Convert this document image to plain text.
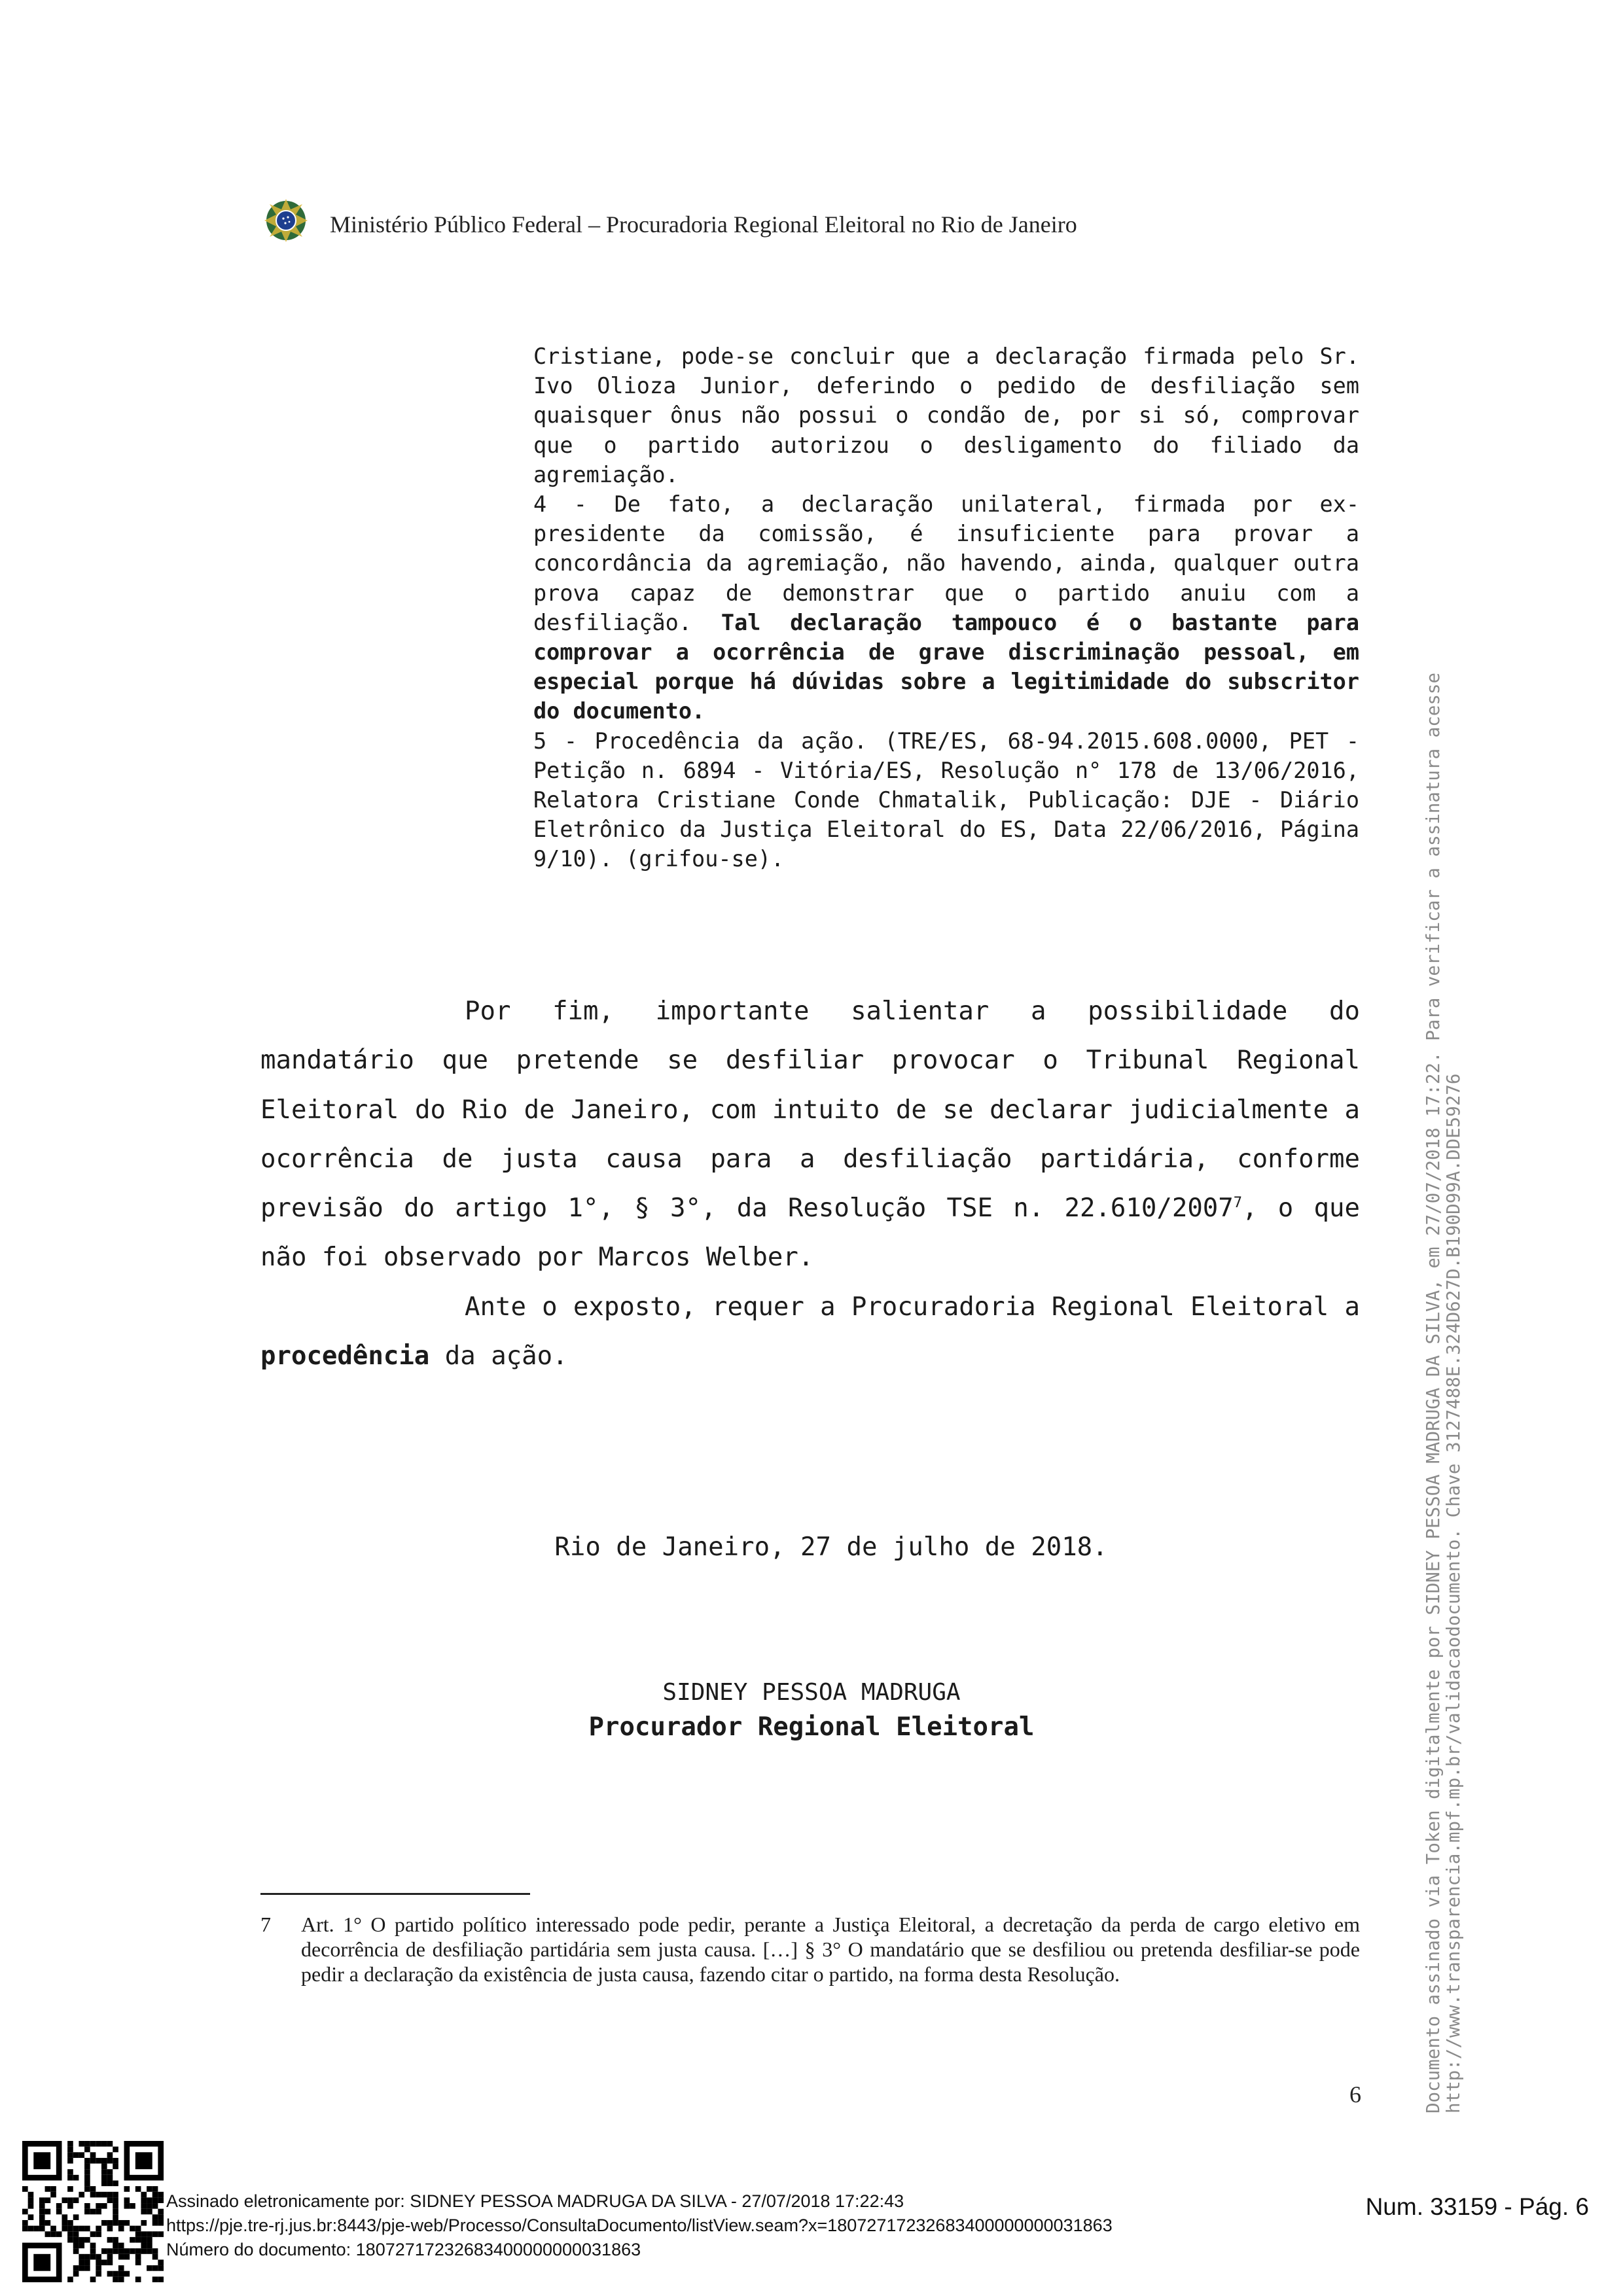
Ministério Público Federal – Procuradoria Regional Eleitoral no Rio de Janeiro

Cristiane, pode-se concluir que a declaração firmada pelo Sr. Ivo Olioza Junior, deferindo o pedido de desfiliação sem quaisquer ônus não possui o condão de, por si só, comprovar que o partido autorizou o desligamento do filiado da agremiação.

4 - De fato, a declaração unilateral, firmada por ex-presidente da comissão, é insuficiente para provar a concordância da agremiação, não havendo, ainda, qualquer outra prova capaz de demonstrar que o partido anuiu com a desfiliação. Tal declaração tampouco é o bastante para comprovar a ocorrência de grave discriminação pessoal, em especial porque há dúvidas sobre a legitimidade do subscritor do documento.

5 - Procedência da ação. (TRE/ES, 68-94.2015.608.0000, PET - Petição n. 6894 - Vitória/ES, Resolução n° 178 de 13/06/2016, Relatora Cristiane Conde Chmatalik, Publicação: DJE - Diário Eletrônico da Justiça Eleitoral do ES, Data 22/06/2016, Página 9/10). (grifou-se).

Por fim, importante salientar a possibilidade do mandatário que pretende se desfiliar provocar o Tribunal Regional Eleitoral do Rio de Janeiro, com intuito de se declarar judicialmente a ocorrência de justa causa para a desfiliação partidária, conforme previsão do artigo 1°, § 3°, da Resolução TSE n. 22.610/2007$^7$, o que não foi observado por Marcos Welber.

Ante o exposto, requer a Procuradoria Regional Eleitoral a procedência da ação.

Rio de Janeiro, 27 de julho de 2018.
SIDNEY PESSOA MADRUGA
Procurador Regional Eleitoral
7	Art. 1° O partido político interessado pode pedir, perante a Justiça Eleitoral, a decretação da perda de cargo eletivo em decorrência de desfiliação partidária sem justa causa. […] § 3° O mandatário que se desfiliou ou pretenda desfiliar-se pode pedir a declaração da existência de justa causa, fazendo citar o partido, na forma desta Resolução.
6	Documento assinado via Token digitalmente por SIDNEY PESSOA MADRUGA DA SILVA, em 27/07/2018 17:22. Para verificar a assinatura acesse http://www.transparencia.mpf.mp.br/validacaodocumento. Chave 3127488E.324D627D.B190D99A.DDE59276
Assinado eletronicamente por: SIDNEY PESSOA MADRUGA DA SILVA - 27/07/2018 17:22:43
https://pje.tre-rj.jus.br:8443/pje-web/Processo/ConsultaDocumento/listView.seam?x=18072717232683400000000031863
Número do documento: 18072717232683400000000031863
Num. 33159 - Pág. 6
